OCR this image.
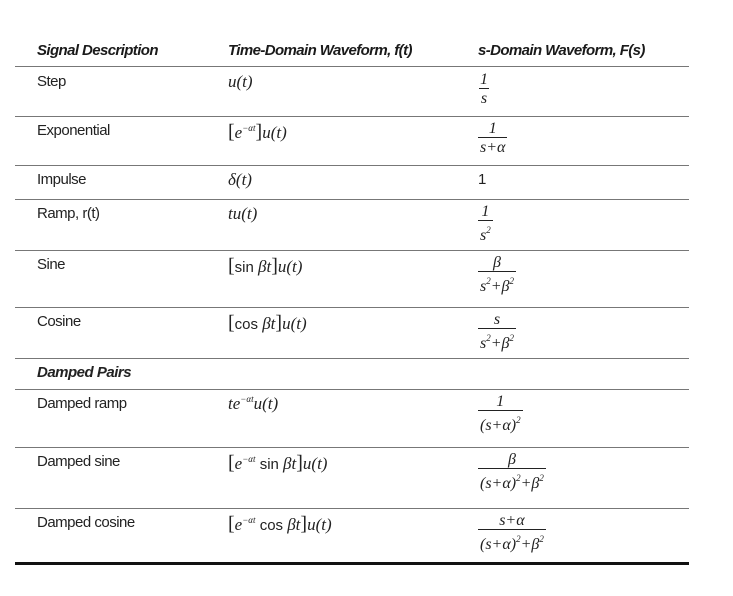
Signal Description	Time-Domain Waveform, f(t)	s-Domain Waveform, F(s)
Step	u(t)	$\frac{1}{s}$
Exponential	$[e^{-\alpha t}]u(t)$	$\frac{1}{s+\alpha}$
Impulse	δ(t)	1
Ramp, r(t)	tu(t)	$\frac{1}{s^2}$
Sine	[sin βt]u(t)	$\frac{\beta}{s^2+\beta^2}$
Cosine	[cos βt]u(t)	$\frac{s}{s^2+\beta^2}$
Damped Pairs
Damped ramp	$te^{-\alpha t}u(t)$	$\frac{1}{(s+\alpha)^2}$
Damped sine	[$e^{-\alpha t}$ sin βt]u(t)	$\frac{\beta}{(s+\alpha)^2+\beta^2}$
Damped cosine	[$e^{-\alpha t}$ cos βt]u(t)	$\frac{s+\alpha}{(s+\alpha)^2+\beta^2}$
